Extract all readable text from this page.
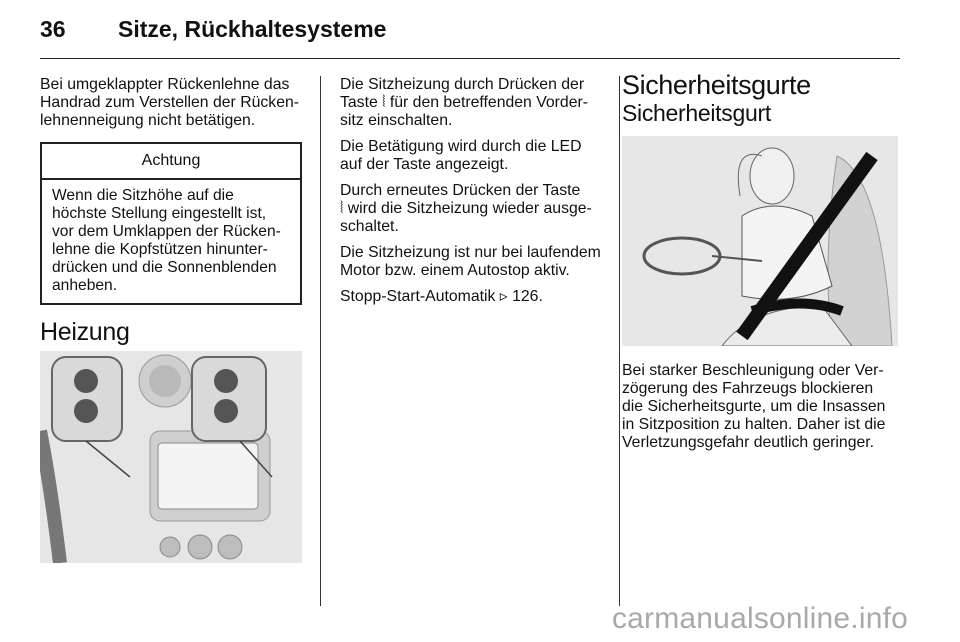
36 Sitze, Rückhaltesysteme

Bei umgeklappter Rückenlehne das
Handrad zum Verstellen der Rücken-
lehnenneigung nicht betätigen.

Achtung
Wenn die Sitzhöhe auf die
höchste Stellung eingestellt ist,
vor dem Umklappen der Rücken-
lehne die Kopfstützen hinunter-
drücken und die Sonnenblenden
anheben.
Heizung

Die Sitzheizung durch Drücken der
Taste ⦚ für den betreffenden Vorder-
sitz einschalten.

Die Betätigung wird durch die LED
auf der Taste angezeigt.

Durch erneutes Drücken der Taste
⦚ wird die Sitzheizung wieder ausge-
schaltet.

Die Sitzheizung ist nur bei laufendem
Motor bzw. einem Autostop aktiv.

Stopp-Start-Automatik ▹ 126.

Sicherheitsgurte
Sicherheitsgurt

Bei starker Beschleunigung oder Ver-
zögerung des Fahrzeugs blockieren
die Sicherheitsgurte, um die Insassen
in Sitzposition zu halten. Daher ist die
Verletzungsgefahr deutlich geringer.

carmanualsonline.info
